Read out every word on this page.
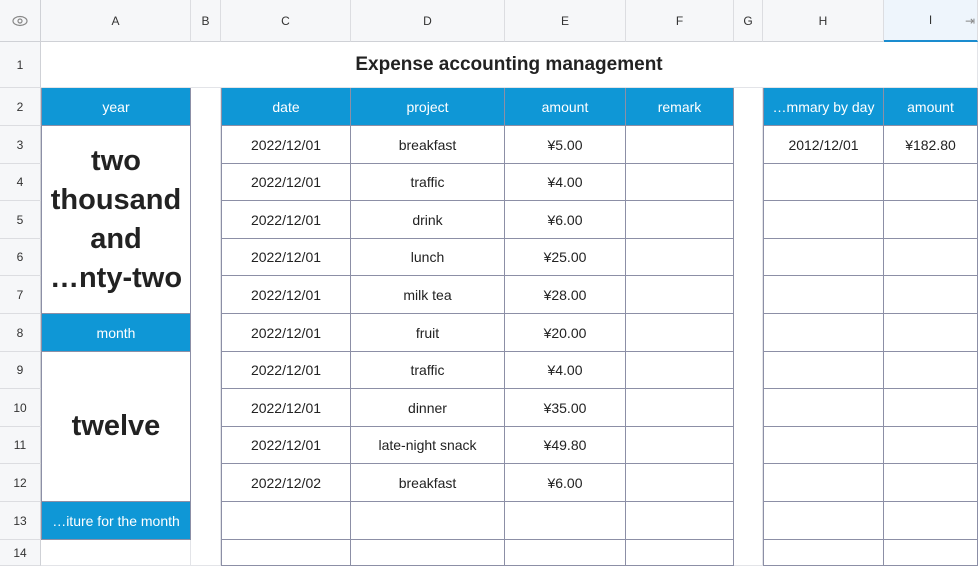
A	B	C	D	E	F	G	H	I	⇥
1
2
3
4
5
6
7
8
9
10
11
12
13
14
Expense accounting management
year
two
thousand
and
…nty-two
month
twelve
…iture for the month
date	project	amount	remark
2022/12/01	breakfast	¥5.00
2022/12/01	traffic	¥4.00
2022/12/01	drink	¥6.00
2022/12/01	lunch	¥25.00
2022/12/01	milk tea	¥28.00
2022/12/01	fruit	¥20.00
2022/12/01	traffic	¥4.00
2022/12/01	dinner	¥35.00
2022/12/01	late-night snack	¥49.80
2022/12/02	breakfast	¥6.00
…mmary by day	amount
2012/12/01	¥182.80
